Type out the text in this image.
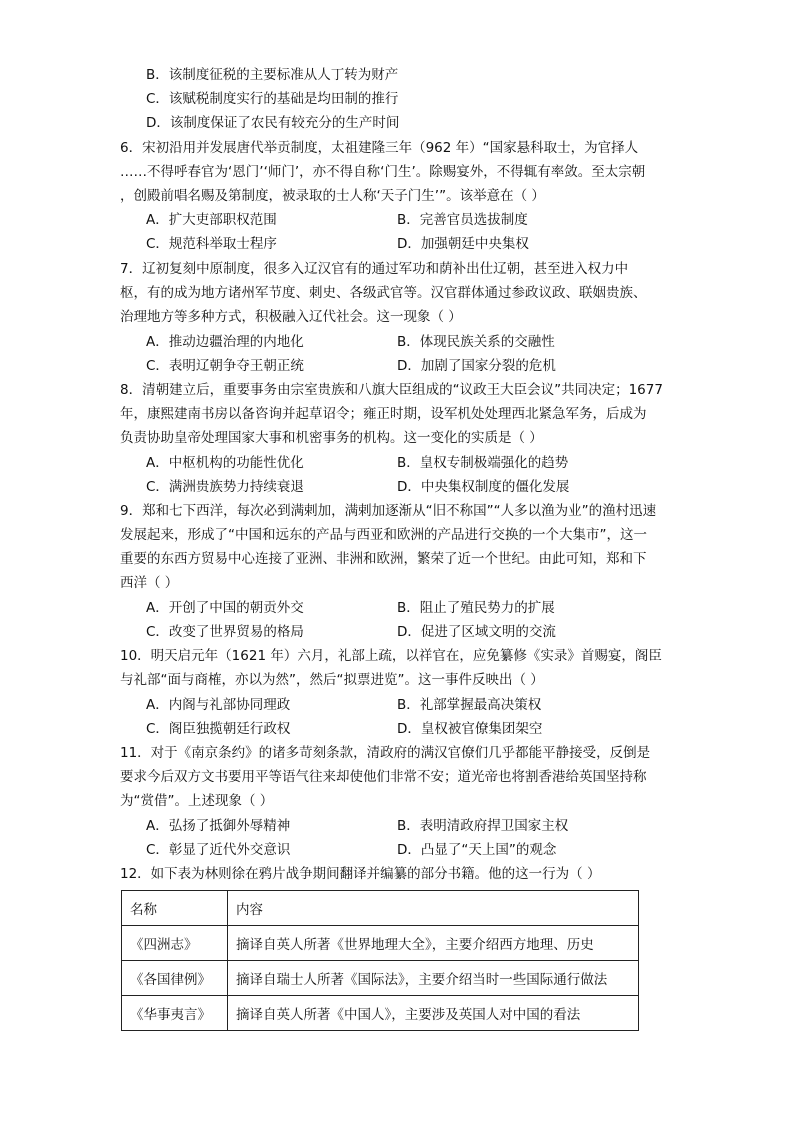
B．该制度征税的主要标准从人丁转为财产
C．该赋税制度实行的基础是均田制的推行
D．该制度保证了农民有较充分的生产时间
6．宋初沿用并发展唐代举贡制度，太祖建隆三年（962 年）“国家悬科取士，为官择人
……不得呼春官为‘恩门’‘师门’，亦不得自称‘门生’。除赐宴外，不得辄有率敛。至太宗朝
，创殿前唱名赐及第制度，被录取的士人称‘天子门生’”。该举意在（ ）
A．扩大吏部职权范围	B．完善官员选拔制度
C．规范科举取士程序	D．加强朝廷中央集权
7．辽初复刻中原制度，很多入辽汉官有的通过军功和荫补出仕辽朝，甚至进入权力中
枢，有的成为地方诸州军节度、刺史、各级武官等。汉官群体通过参政议政、联姻贵族、
治理地方等多种方式，积极融入辽代社会。这一现象（ ）
A．推动边疆治理的内地化	B．体现民族关系的交融性
C．表明辽朝争夺王朝正统	D．加剧了国家分裂的危机
8．清朝建立后，重要事务由宗室贵族和八旗大臣组成的“议政王大臣会议”共同决定；1677
年，康熙建南书房以备咨询并起草诏令；雍正时期，设军机处处理西北紧急军务，后成为
负责协助皇帝处理国家大事和机密事务的机构。这一变化的实质是（ ）
A．中枢机构的功能性优化	B．皇权专制极端强化的趋势
C．满洲贵族势力持续衰退	D．中央集权制度的僵化发展
9．郑和七下西洋，每次必到满剌加，满剌加逐渐从“旧不称国”“人多以渔为业”的渔村迅速
发展起来，形成了“中国和远东的产品与西亚和欧洲的产品进行交换的一个大集市”，这一
重要的东西方贸易中心连接了亚洲、非洲和欧洲，繁荣了近一个世纪。由此可知，郑和下
西洋（ ）
A．开创了中国的朝贡外交	B．阻止了殖民势力的扩展
C．改变了世界贸易的格局	D．促进了区域文明的交流
10．明天启元年（1621 年）六月，礼部上疏，以祥官在，应免纂修《实录》首赐宴，阁臣
与礼部“面与商榷，亦以为然”，然后“拟票进览”。这一事件反映出（ ）
A．内阁与礼部协同理政	B．礼部掌握最高决策权
C．阁臣独揽朝廷行政权	D．皇权被官僚集团架空
11．对于《南京条约》的诸多苛刻条款，清政府的满汉官僚们几乎都能平静接受，反倒是
要求今后双方文书要用平等语气往来却使他们非常不安；道光帝也将割香港给英国坚持称
为“赏借”。上述现象（ ）
A．弘扬了抵御外辱精神	B．表明清政府捍卫国家主权
C．彰显了近代外交意识	D．凸显了“天上国”的观念
12．如下表为林则徐在鸦片战争期间翻译并编纂的部分书籍。他的这一行为（ ）
名称	内容
《四洲志》	摘译自英人所著《世界地理大全》，主要介绍西方地理、历史
《各国律例》	摘译自瑞士人所著《国际法》，主要介绍当时一些国际通行做法
《华事夷言》	摘译自英人所著《中国人》，主要涉及英国人对中国的看法
